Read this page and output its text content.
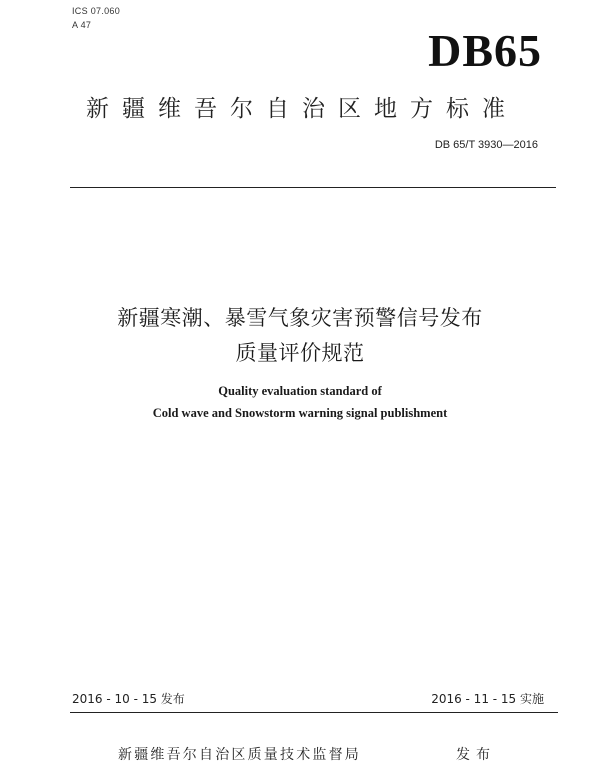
ICS 07.060
A 47	DB65
新疆维吾尔自治区地方标准
DB 65/T 3930—2016
新疆寒潮、暴雪气象灾害预警信号发布
质量评价规范
Quality evaluation standard of
Cold wave and Snowstorm warning signal publishment
2016 - 10 - 15 发布	2016 - 11 - 15 实施
新疆维吾尔自治区质量技术监督局	发布
